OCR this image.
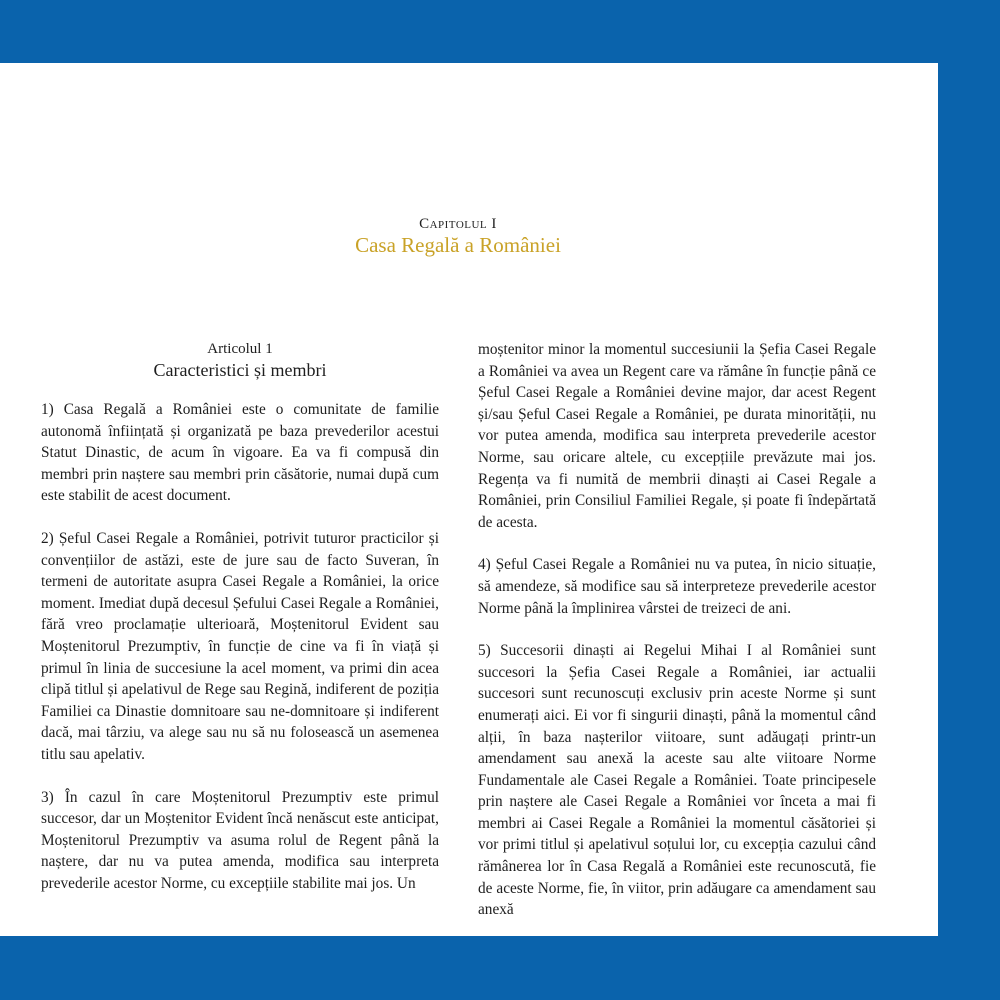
Capitolul I
Casa Regală a României
Articolul 1
Caracteristici și membri

1) Casa Regală a României este o comunitate de familie autonomă înființată și organizată pe baza prevederilor acestui Statut Dinastic, de acum în vigoare. Ea va fi compusă din membri prin naștere sau membri prin căsătorie, numai după cum este stabilit de acest document.

2) Șeful Casei Regale a României, potrivit tuturor practicilor și convențiilor de astăzi, este de jure sau de facto Suveran, în termeni de autoritate asupra Casei Regale a României, la orice moment. Imediat după decesul Șefului Casei Regale a României, fără vreo proclamație ulterioară, Moștenitorul Evident sau Moștenitorul Prezumptiv, în funcție de cine va fi în viață și primul în linia de succesiune la acel moment, va primi din acea clipă titlul și apelativul de Rege sau Regină, indiferent de poziția Familiei ca Dinastie domnitoare sau ne-domnitoare și indiferent dacă, mai târziu, va alege sau nu să nu folosească un asemenea titlu sau apelativ.

3) În cazul în care Moștenitorul Prezumptiv este primul succesor, dar un Moștenitor Evident încă nenăscut este anticipat, Moștenitorul Prezumptiv va asuma rolul de Regent până la naștere, dar nu va putea amenda, modifica sau interpreta prevederile acestor Norme, cu excepțiile stabilite mai jos. Un

moștenitor minor la momentul succesiunii la Șefia Casei Regale a României va avea un Regent care va rămâne în funcție până ce Șeful Casei Regale a României devine major, dar acest Regent și/sau Șeful Casei Regale a României, pe durata minorității, nu vor putea amenda, modifica sau interpreta prevederile acestor Norme, sau oricare altele, cu excepțiile prevăzute mai jos. Regența va fi numită de membrii dinaști ai Casei Regale a României, prin Consiliul Familiei Regale, și poate fi îndepărtată de acesta.

4) Șeful Casei Regale a României nu va putea, în nicio situație, să amendeze, să modifice sau să interpreteze prevederile acestor Norme până la împlinirea vârstei de treizeci de ani.

5) Succesorii dinaști ai Regelui Mihai I al României sunt succesori la Șefia Casei Regale a României, iar actualii succesori sunt recunoscuți exclusiv prin aceste Norme și sunt enumerați aici. Ei vor fi singurii dinaști, până la momentul când alții, în baza nașterilor viitoare, sunt adăugați printr-un amendament sau anexă la aceste sau alte viitoare Norme Fundamentale ale Casei Regale a României. Toate principesele prin naștere ale Casei Regale a României vor înceta a mai fi membri ai Casei Regale a României la momentul căsătoriei și vor primi titlul și apelativul soțului lor, cu excepția cazului când rămânerea lor în Casa Regală a României este recunoscută, fie de aceste Norme, fie, în viitor, prin adăugare ca amendament sau anexă
